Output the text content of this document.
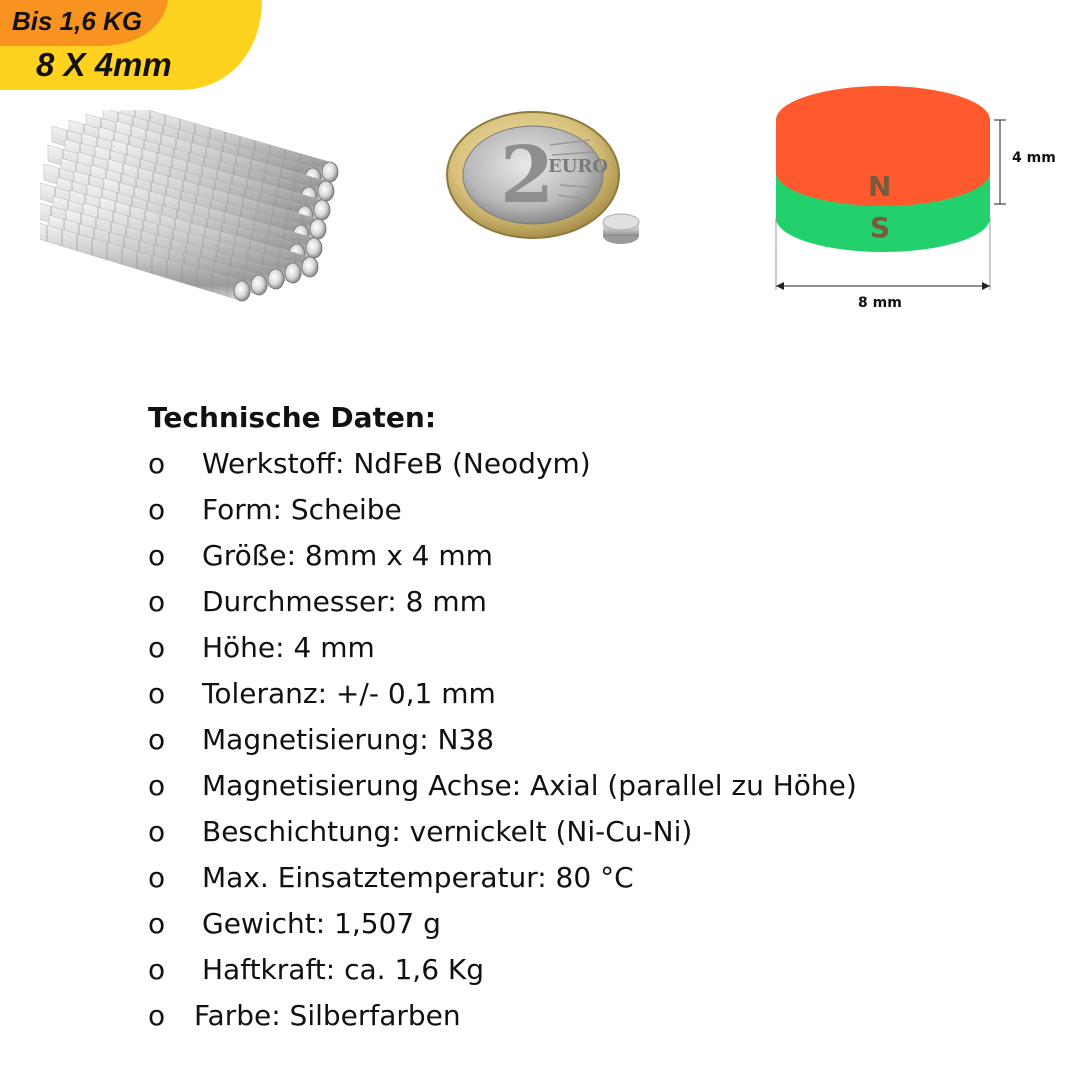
Bis 1,6 KG
8 X 4mm
2
EURO	4 mm
8 mm
N
S
Technische Daten:
o	Werkstoff: NdFeB (Neodym)
o	Form: Scheibe
o	Größe: 8mm x 4 mm
o	Durchmesser: 8 mm
o	Höhe: 4 mm
o	Toleranz: +/- 0,1 mm
o	Magnetisierung: N38
o	Magnetisierung Achse: Axial (parallel zu Höhe)
o	Beschichtung: vernickelt (Ni-Cu-Ni)
o	Max. Einsatztemperatur: 80 °C
o	Gewicht: 1,507 g
o	Haftkraft: ca. 1,6 Kg
o	Farbe: Silberfarben
